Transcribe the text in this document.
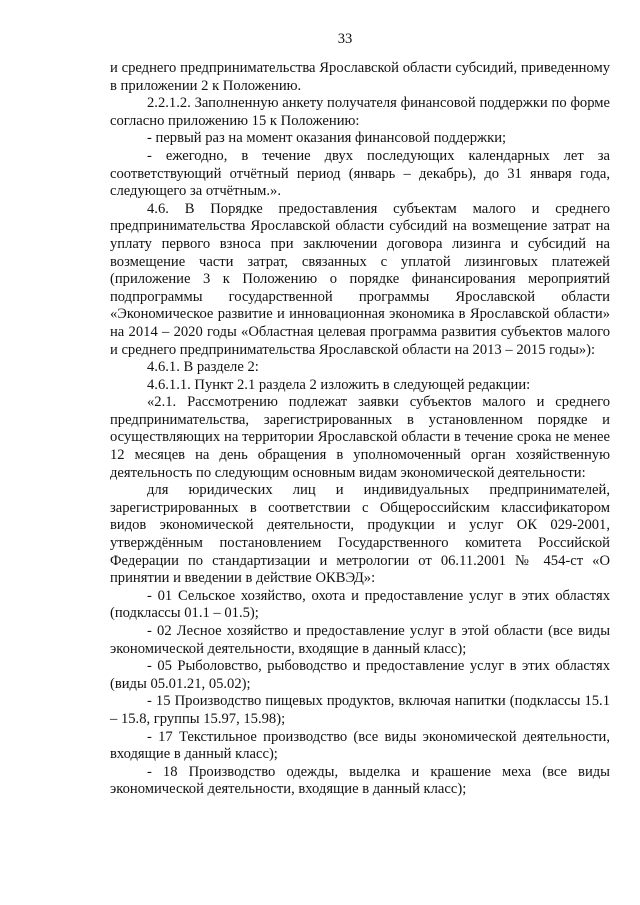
33

и среднего предпринимательства Ярославской области субсидий, приведенному в приложении 2 к Положению.

2.2.1.2. Заполненную анкету получателя финансовой поддержки по форме согласно приложению 15 к Положению:

- первый раз на момент оказания финансовой поддержки;

- ежегодно, в течение двух последующих календарных лет за соответствующий отчётный период (январь – декабрь), до 31 января года, следующего за отчётным.».

4.6. В Порядке предоставления субъектам малого и среднего предпринимательства Ярославской области субсидий на возмещение затрат на уплату первого взноса при заключении договора лизинга и субсидий на возмещение части затрат, связанных с уплатой лизинговых платежей (приложение 3 к Положению о порядке финансирования мероприятий подпрограммы государственной программы Ярославской области «Экономическое развитие и инновационная экономика в Ярославской области» на 2014 – 2020 годы «Областная целевая программа развития субъектов малого и среднего предпринимательства Ярославской области на 2013 – 2015 годы»):

4.6.1. В разделе 2:

4.6.1.1. Пункт 2.1 раздела 2 изложить в следующей редакции:

«2.1. Рассмотрению подлежат заявки субъектов малого и среднего предпринимательства, зарегистрированных в установленном порядке и осуществляющих на территории Ярославской области в течение срока не менее 12 месяцев на день обращения в уполномоченный орган хозяйственную деятельность по следующим основным видам экономической деятельности:

для юридических лиц и индивидуальных предпринимателей, зарегистрированных в соответствии с Общероссийским классификатором видов экономической деятельности, продукции и услуг ОК 029-2001, утверждённым постановлением Государственного комитета Российской Федерации по стандартизации и метрологии от 06.11.2001 № 454-ст «О принятии и введении в действие ОКВЭД»:

- 01 Сельское хозяйство, охота и предоставление услуг в этих областях (подклассы 01.1 – 01.5);

- 02 Лесное хозяйство и предоставление услуг в этой области (все виды экономической деятельности, входящие в данный класс);

- 05 Рыболовство, рыбоводство и предоставление услуг в этих областях (виды 05.01.21, 05.02);

- 15 Производство пищевых продуктов, включая напитки (подклассы 15.1 – 15.8, группы 15.97, 15.98);

- 17 Текстильное производство (все виды экономической деятельности, входящие в данный класс);

- 18 Производство одежды, выделка и крашение меха (все виды экономической деятельности, входящие в данный класс);
